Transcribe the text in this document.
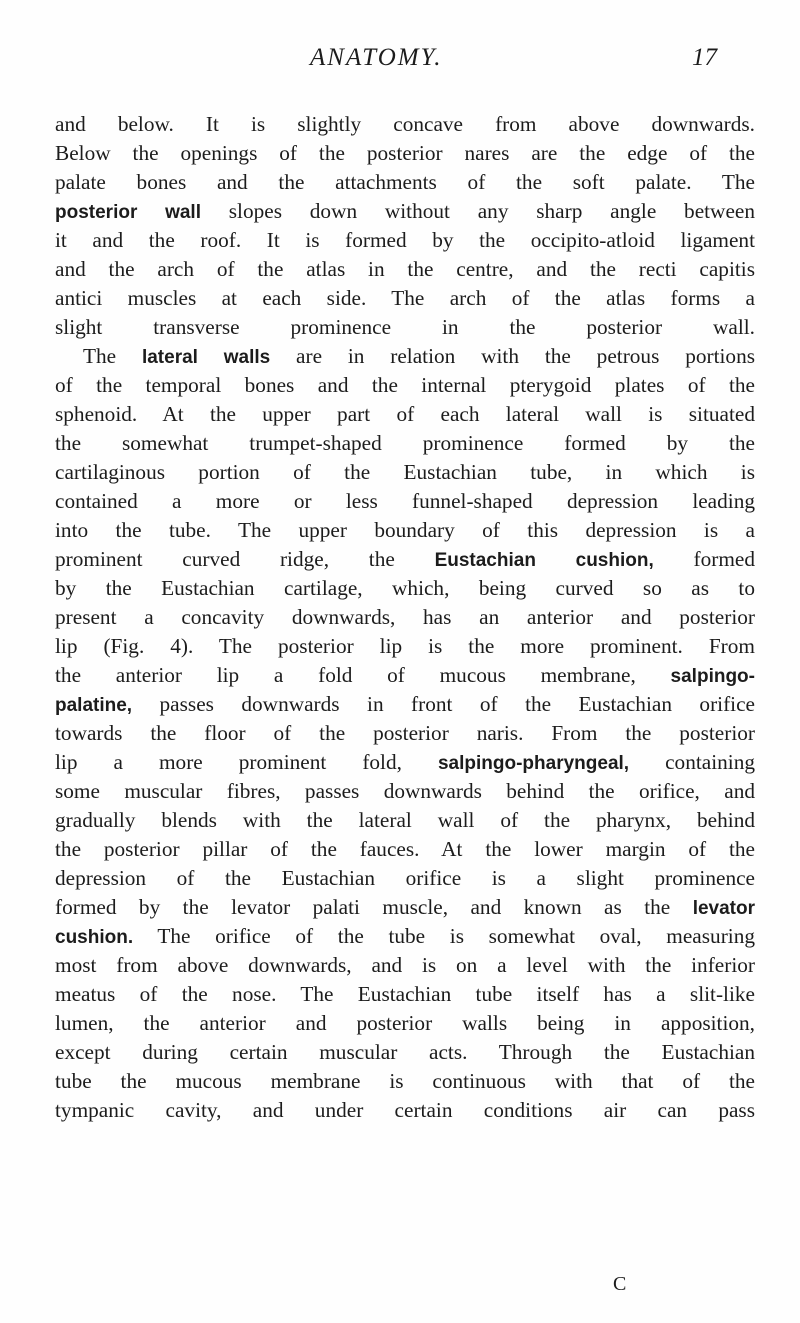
ANATOMY.	17
and below. It is slightly concave from above downwards.
Below the openings of the posterior nares are the edge of the
palate bones and the attachments of the soft palate. The
posterior wall slopes down without any sharp angle between
it and the roof. It is formed by the occipito-atloid ligament
and the arch of the atlas in the centre, and the recti capitis
antici muscles at each side. The arch of the atlas forms a
slight transverse prominence in the posterior wall.
The lateral walls are in relation with the petrous portions
of the temporal bones and the internal pterygoid plates of the
sphenoid. At the upper part of each lateral wall is situated
the somewhat trumpet-shaped prominence formed by the
cartilaginous portion of the Eustachian tube, in which is
contained a more or less funnel-shaped depression leading
into the tube. The upper boundary of this depression is a
prominent curved ridge, the Eustachian cushion, formed
by the Eustachian cartilage, which, being curved so as to
present a concavity downwards, has an anterior and posterior
lip (Fig. 4). The posterior lip is the more prominent. From
the anterior lip a fold of mucous membrane, salpingo-
palatine, passes downwards in front of the Eustachian orifice
towards the floor of the posterior naris. From the posterior
lip a more prominent fold, salpingo-pharyngeal, containing
some muscular fibres, passes downwards behind the orifice, and
gradually blends with the lateral wall of the pharynx, behind
the posterior pillar of the fauces. At the lower margin of the
depression of the Eustachian orifice is a slight prominence
formed by the levator palati muscle, and known as the levator
cushion. The orifice of the tube is somewhat oval, measuring
most from above downwards, and is on a level with the inferior
meatus of the nose. The Eustachian tube itself has a slit-like
lumen, the anterior and posterior walls being in apposition,
except during certain muscular acts. Through the Eustachian
tube the mucous membrane is continuous with that of the
tympanic cavity, and under certain conditions air can pass
C
